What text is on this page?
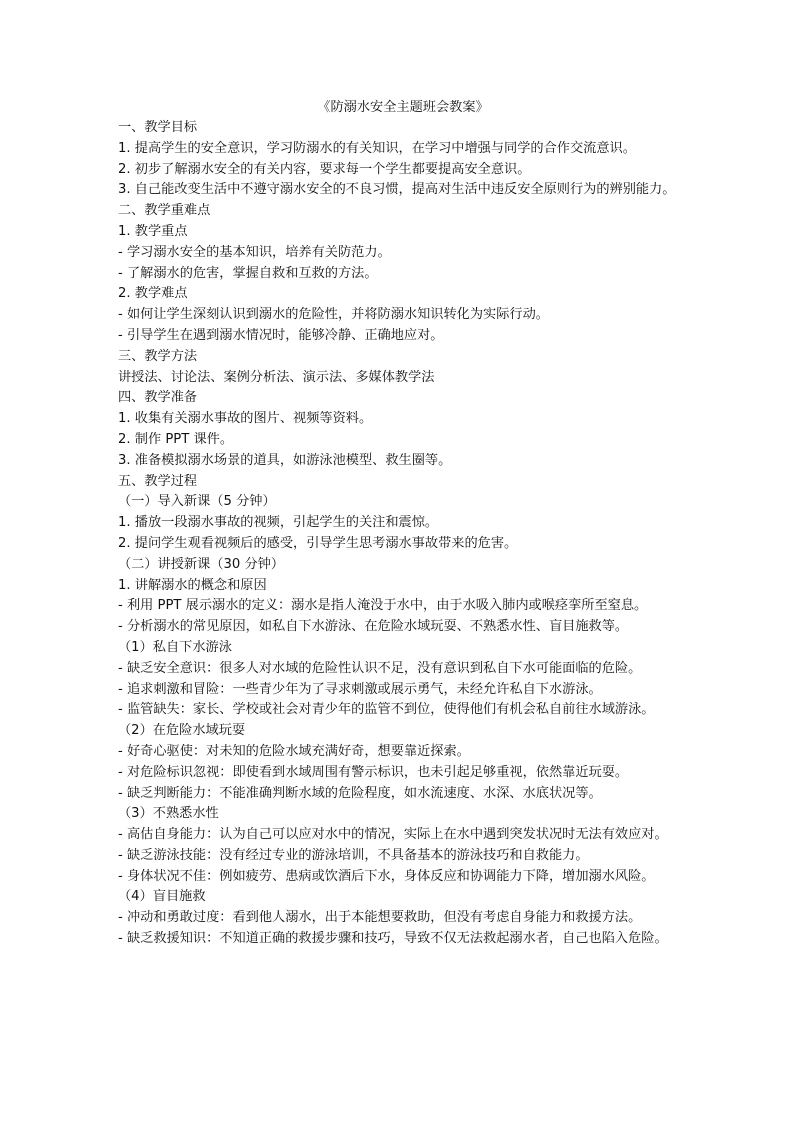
《防溺水安全主题班会教案》
一、教学目标
1. 提高学生的安全意识，学习防溺水的有关知识，在学习中增强与同学的合作交流意识。
2. 初步了解溺水安全的有关内容，要求每一个学生都要提高安全意识。
3. 自己能改变生活中不遵守溺水安全的不良习惯，提高对生活中违反安全原则行为的辨别能力。
二、教学重难点
1. 教学重点
- 学习溺水安全的基本知识，培养有关防范力。
- 了解溺水的危害，掌握自救和互救的方法。
2. 教学难点
- 如何让学生深刻认识到溺水的危险性，并将防溺水知识转化为实际行动。
- 引导学生在遇到溺水情况时，能够冷静、正确地应对。
三、教学方法
讲授法、讨论法、案例分析法、演示法、多媒体教学法
四、教学准备
1. 收集有关溺水事故的图片、视频等资料。
2. 制作 PPT 课件。
3. 准备模拟溺水场景的道具，如游泳池模型、救生圈等。
五、教学过程
（一）导入新课（5 分钟）
1. 播放一段溺水事故的视频，引起学生的关注和震惊。
2. 提问学生观看视频后的感受，引导学生思考溺水事故带来的危害。
（二）讲授新课（30 分钟）
1. 讲解溺水的概念和原因
- 利用 PPT 展示溺水的定义：溺水是指人淹没于水中，由于水吸入肺内或喉痉挛所至窒息。
- 分析溺水的常见原因，如私自下水游泳、在危险水域玩耍、不熟悉水性、盲目施救等。
（1）私自下水游泳
- 缺乏安全意识：很多人对水域的危险性认识不足，没有意识到私自下水可能面临的危险。
- 追求刺激和冒险：一些青少年为了寻求刺激或展示勇气，未经允许私自下水游泳。
- 监管缺失：家长、学校或社会对青少年的监管不到位，使得他们有机会私自前往水域游泳。
（2）在危险水域玩耍
- 好奇心驱使：对未知的危险水域充满好奇，想要靠近探索。
- 对危险标识忽视：即使看到水域周围有警示标识，也未引起足够重视，依然靠近玩耍。
- 缺乏判断能力：不能准确判断水域的危险程度，如水流速度、水深、水底状况等。
（3）不熟悉水性
- 高估自身能力：认为自己可以应对水中的情况，实际上在水中遇到突发状况时无法有效应对。
- 缺乏游泳技能：没有经过专业的游泳培训，不具备基本的游泳技巧和自救能力。
- 身体状况不佳：例如疲劳、患病或饮酒后下水，身体反应和协调能力下降，增加溺水风险。
（4）盲目施救
- 冲动和勇敢过度：看到他人溺水，出于本能想要救助，但没有考虑自身能力和救援方法。
- 缺乏救援知识：不知道正确的救援步骤和技巧，导致不仅无法救起溺水者，自己也陷入危险。
